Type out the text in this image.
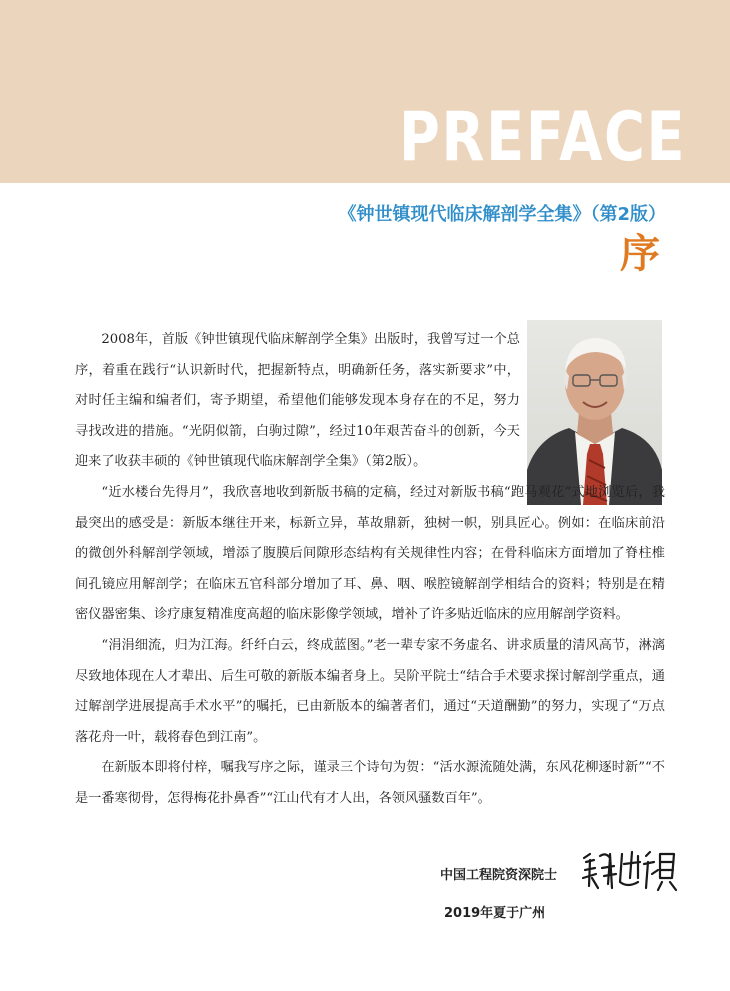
PREFACE
《钟世镇现代临床解剖学全集》（第2版）
序

2008年，首版《钟世镇现代临床解剖学全集》出版时，我曾写过一个总序，着重在践行“认识新时代，把握新特点，明确新任务，落实新要求”中，对时任主编和编者们，寄予期望，希望他们能够发现本身存在的不足，努力寻找改进的措施。“光阴似箭，白驹过隙”，经过10年艰苦奋斗的创新，今天迎来了收获丰硕的《钟世镇现代临床解剖学全集》（第2版）。

“近水楼台先得月”，我欣喜地收到新版书稿的定稿，经过对新版书稿“跑马观花”式地浏览后，我最突出的感受是：新版本继往开来，标新立异，革故鼎新，独树一帜，别具匠心。例如：在临床前沿的微创外科解剖学领域，增添了腹膜后间隙形态结构有关规律性内容；在骨科临床方面增加了脊柱椎间孔镜应用解剖学；在临床五官科部分增加了耳、鼻、咽、喉腔镜解剖学相结合的资料；特别是在精密仪器密集、诊疗康复精准度高超的临床影像学领域，增补了许多贴近临床的应用解剖学资料。

“涓涓细流，归为江海。纤纤白云，终成蓝图。”老一辈专家不务虚名、讲求质量的清风高节，淋漓尽致地体现在人才辈出、后生可敬的新版本编者身上。吴阶平院士“结合手术要求探讨解剖学重点，通过解剖学进展提高手术水平”的嘱托，已由新版本的编著者们，通过“天道酬勤”的努力，实现了“万点落花舟一叶，载将春色到江南”。

在新版本即将付梓，嘱我写序之际，谨录三个诗句为贺：“活水源流随处满，东风花柳逐时新”“不是一番寒彻骨，怎得梅花扑鼻香”“江山代有才人出，各领风骚数百年”。

中国工程院资深院士
2019年夏于广州
